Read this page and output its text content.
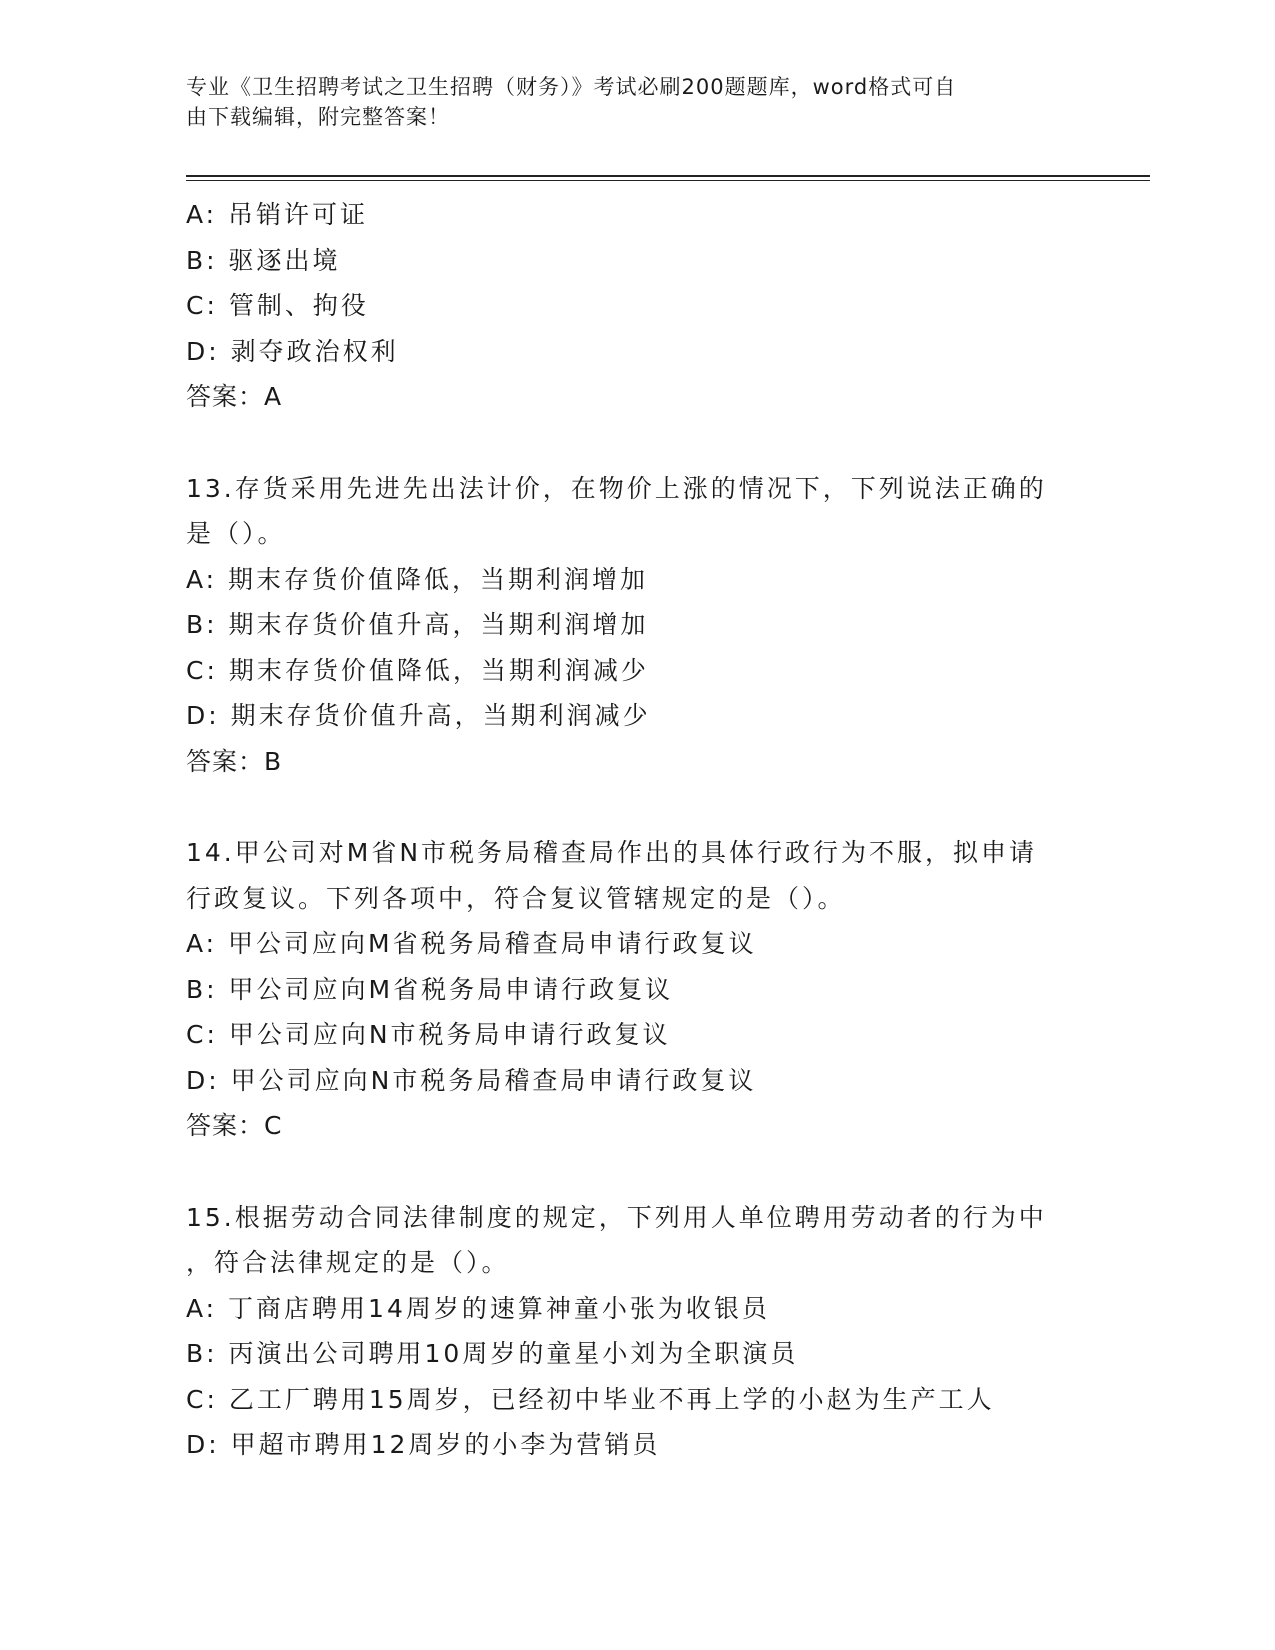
专业《卫生招聘考试之卫生招聘（财务）》考试必刷200题题库，word格式可自
由下载编辑，附完整答案！
A: 吊销许可证
B: 驱逐出境
C: 管制、拘役
D: 剥夺政治权利
答案：A
13.存货采用先进先出法计价，在物价上涨的情况下，下列说法正确的
是（）。
A: 期末存货价值降低，当期利润增加
B: 期末存货价值升高，当期利润增加
C: 期末存货价值降低，当期利润减少
D: 期末存货价值升高，当期利润减少
答案：B
14.甲公司对M省N市税务局稽查局作出的具体行政行为不服，拟申请
行政复议。下列各项中，符合复议管辖规定的是（）。
A: 甲公司应向M省税务局稽查局申请行政复议
B: 甲公司应向M省税务局申请行政复议
C: 甲公司应向N市税务局申请行政复议
D: 甲公司应向N市税务局稽查局申请行政复议
答案：C
15.根据劳动合同法律制度的规定，下列用人单位聘用劳动者的行为中
，符合法律规定的是（）。
A: 丁商店聘用14周岁的速算神童小张为收银员
B: 丙演出公司聘用10周岁的童星小刘为全职演员
C: 乙工厂聘用15周岁，已经初中毕业不再上学的小赵为生产工人
D: 甲超市聘用12周岁的小李为营销员
